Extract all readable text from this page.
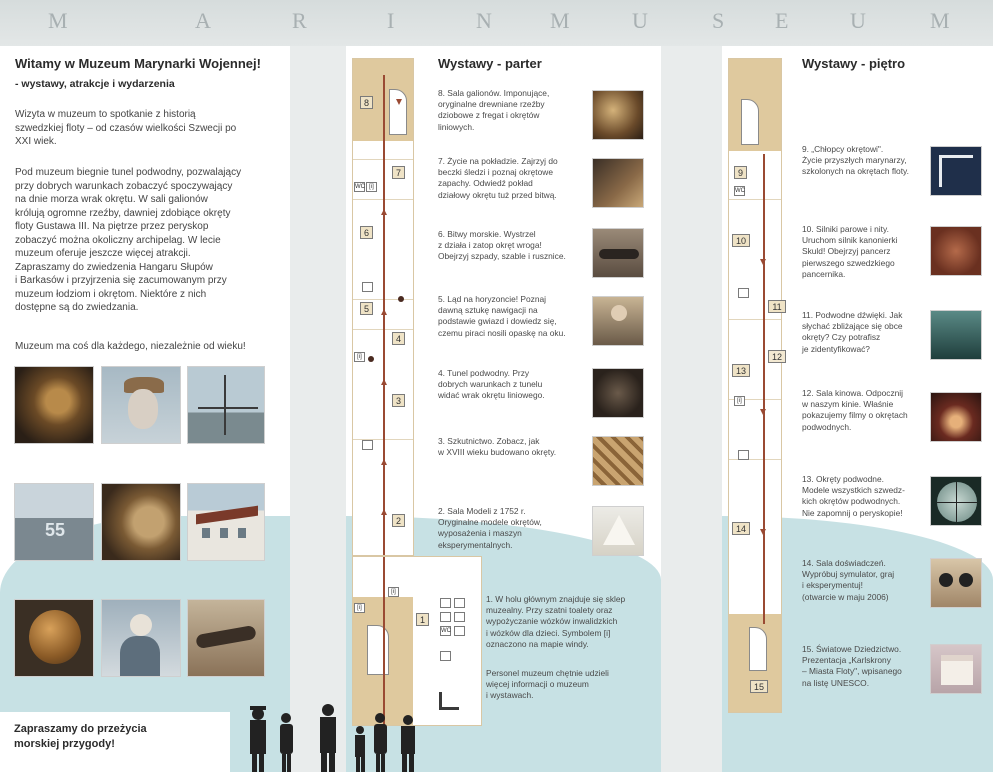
M	A	R	I	N	M	U	S E	U	M
Witamy w Muzeum Marynarki Wojennej!
- wystawy, atrakcje i wydarzenia
Wizyta w muzeum to spotkanie z historią
szwedzkiej floty – od czasów wielkości Szwecji po
XXI wiek.
Pod muzeum biegnie tunel podwodny, pozwalający
przy dobrych warunkach zobaczyć spoczywający
na dnie morza wrak okrętu. W sali galionów
królują ogromne rzeźby, dawniej zdobiące okręty
floty Gustawa III. Na piętrze przez peryskop
zobaczyć można okoliczny archipelag. W lecie
muzeum oferuje jeszcze więcej atrakcji.
Zapraszamy do zwiedzenia Hangaru Słupów
i Barkasów i przyjrzenia się zacumowanym przy
muzeum łodziom i okrętom. Niektóre z nich
dostępne są do zwiedzania.
Muzeum ma coś dla każdego, niezależnie od wieku!
55
Zapraszamy do przeżycia
morskiej przygody!
8
7
WC [i]
6
5
4
[i]
3
2
[i]
[i]
1
WC
Wystawy - parter
8. Sala galionów. Imponujące,
oryginalne drewniane rzeźby
dziobowe z fregat i okrętów
liniowych.
7. Życie na pokładzie. Zajrzyj do
beczki śledzi i poznaj okrętowe
zapachy. Odwiedź pokład
działowy okrętu tuż przed bitwą.
6. Bitwy morskie. Wystrzel
z działa i zatop okręt wroga!
Obejrzyj szpady, szable i rusznice.
5. Ląd na horyzoncie! Poznaj
dawną sztukę nawigacji na
podstawie gwiazd i dowiedz się,
czemu piraci nosili opaskę na oku.
4. Tunel podwodny. Przy
dobrych warunkach z tunelu
widać wrak okrętu liniowego.
3. Szkutnictwo. Zobacz, jak
w XVIII wieku budowano okręty.
2. Sala Modeli z 1752 r.
Oryginalne modele okrętów,
wyposażenia i maszyn
eksperymentalnych.
1. W holu głównym znajduje się sklep
muzealny. Przy szatni toalety oraz
wypożyczanie wózków inwalidzkich
i wózków dla dzieci. Symbolem [i]
oznaczono na mapie windy.
Personel muzeum chętnie udzieli
więcej informacji o muzeum
i wystawach.
9
WC
10
11
12
13
[i]
14
15
Wystawy - piętro
9. „Chłopcy okrętowi".
Życie przyszłych marynarzy,
szkolonych na okrętach floty.
10. Silniki parowe i nity.
Uruchom silnik kanonierki
Skuld! Obejrzyj pancerz
pierwszego szwedzkiego
pancernika.
11. Podwodne dźwięki. Jak
słychać zbliżające się obce
okręty? Czy potrafisz
je zidentyfikować?
12. Sala kinowa. Odpocznij
w naszym kinie. Właśnie
pokazujemy filmy o okrętach
podwodnych.
13. Okręty podwodne.
Modele wszystkich szwedz-
kich okrętów podwodnych.
Nie zapomnij o peryskopie!
14. Sala doświadczeń.
Wypróbuj symulator, graj
i eksperymentuj!
(otwarcie w maju 2006)
15. Światowe Dziedzictwo.
Prezentacja „Karlskrony
– Miasta Floty", wpisanego
na listę UNESCO.
